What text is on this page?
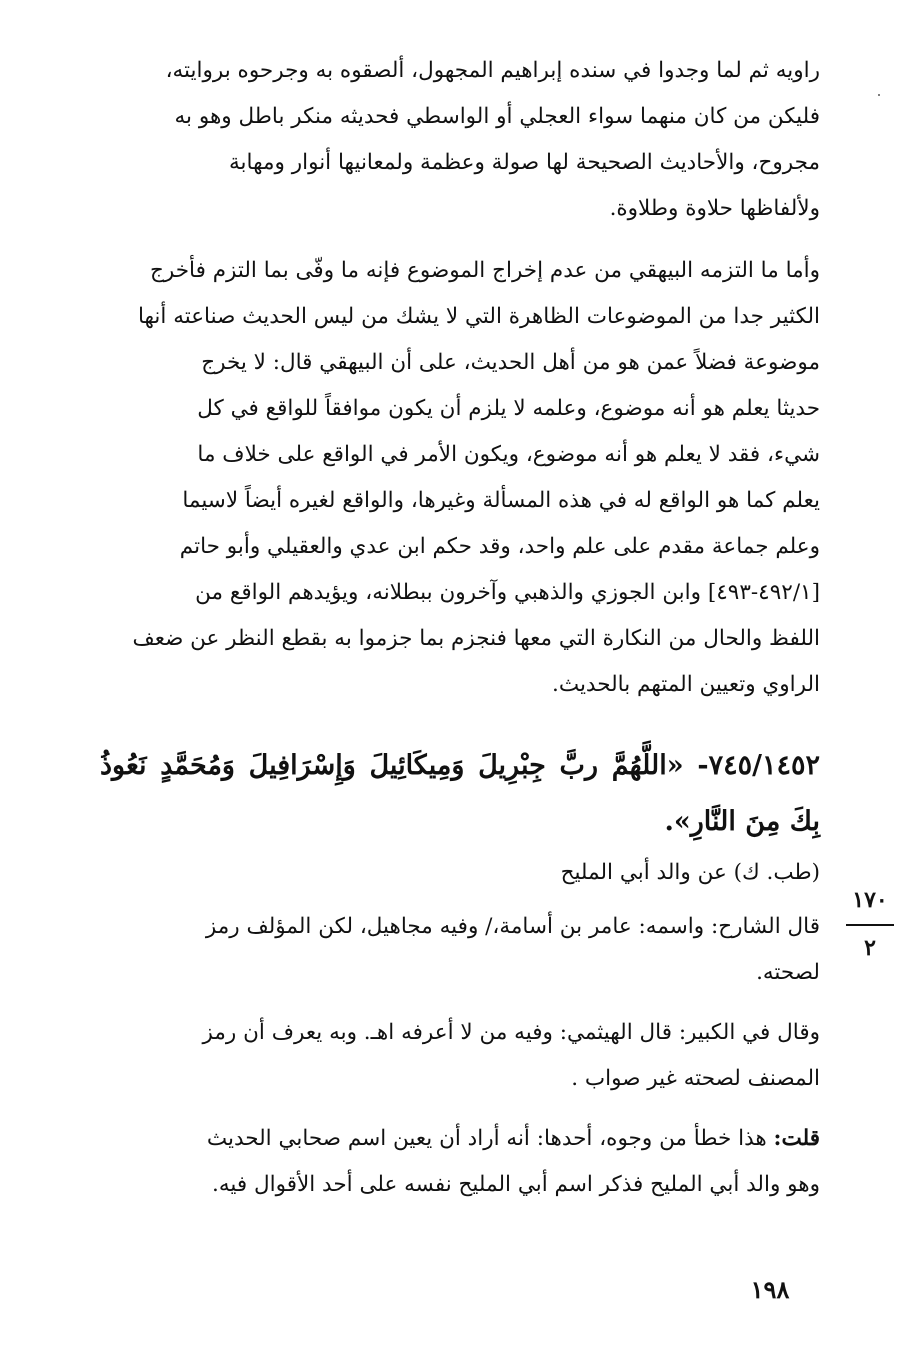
راويه ثم لما وجدوا في سنده إبراهيم المجهول، ألصقوه به وجرحوه بروايته،
فليكن من كان منهما سواء العجلي أو الواسطي فحديثه منكر باطل وهو به
مجروح، والأحاديث الصحيحة لها صولة وعظمة ولمعانيها أنوار ومهابة
ولألفاظها حلاوة وطلاوة.
وأما ما التزمه البيهقي من عدم إخراج الموضوع فإنه ما وفّى بما التزم فأخرج
الكثير جدا من الموضوعات الظاهرة التي لا يشك من ليس الحديث صناعته أنها
موضوعة فضلاً عمن هو من أهل الحديث، على أن البيهقي قال: لا يخرج
حديثا يعلم هو أنه موضوع، وعلمه لا يلزم أن يكون موافقاً للواقع في كل
شيء، فقد لا يعلم هو أنه موضوع، ويكون الأمر في الواقع على خلاف ما
يعلم كما هو الواقع له في هذه المسألة وغيرها، والواقع لغيره أيضاً لاسيما
وعلم جماعة مقدم على علم واحد، وقد حكم ابن عدي والعقيلي وأبو حاتم
[٤٩٢/١-٤٩٣] وابن الجوزي والذهبي وآخرون ببطلانه، ويؤيدهم الواقع من
اللفظ والحال من النكارة التي معها فنجزم بما جزموا به بقطع النظر عن ضعف
الراوي وتعيين المتهم بالحديث.
٧٤٥/١٤٥٢- «اللَّهُمَّ ربَّ جِبْرِيلَ وَمِيكَائِيلَ وَإِسْرَافِيلَ وَمُحَمَّدٍ نَعُوذُ بِكَ مِنَ النَّارِ».
(طب. ك) عن والد أبي المليح
قال الشارح: واسمه: عامر بن أسامة،/ وفيه مجاهيل، لكن المؤلف رمز
لصحته.
وقال في الكبير: قال الهيثمي: وفيه من لا أعرفه اهـ. وبه يعرف أن رمز
المصنف لصحته غير صواب .
قلت: هذا خطأ من وجوه، أحدها: أنه أراد أن يعين اسم صحابي الحديث
وهو والد أبي المليح فذكر اسم أبي المليح نفسه على أحد الأقوال فيه.
١٧٠
٢
١٩٨
